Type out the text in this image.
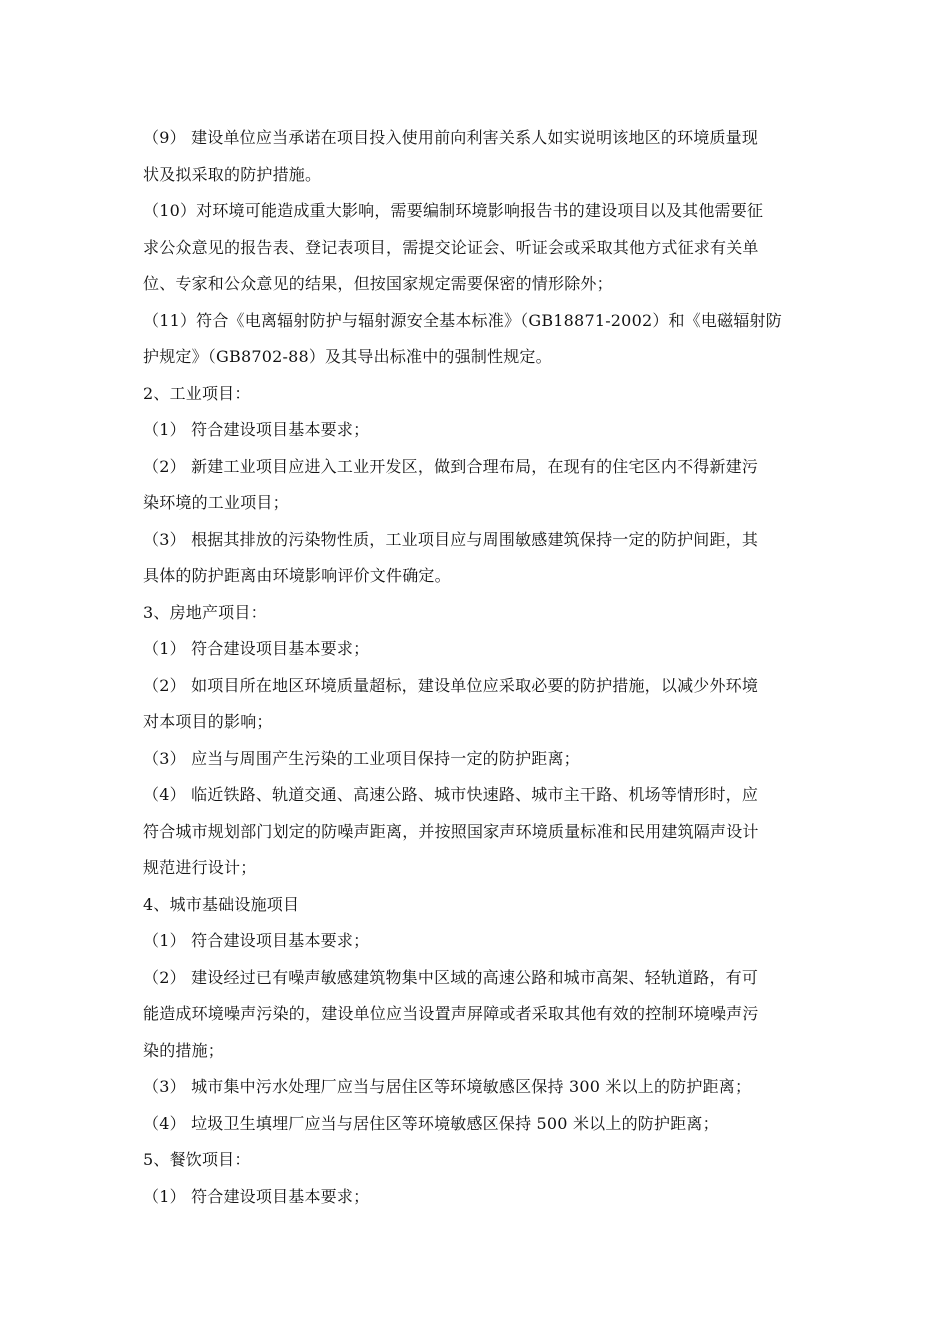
（9） 建设单位应当承诺在项目投入使用前向利害关系人如实说明该地区的环境质量现
状及拟采取的防护措施。
（10）对环境可能造成重大影响，需要编制环境影响报告书的建设项目以及其他需要征
求公众意见的报告表、登记表项目，需提交论证会、听证会或采取其他方式征求有关单
位、专家和公众意见的结果，但按国家规定需要保密的情形除外；
（11）符合《电离辐射防护与辐射源安全基本标准》（GB18871-2002）和《电磁辐射防
护规定》（GB8702-88）及其导出标准中的强制性规定。
2、工业项目：
（1） 符合建设项目基本要求；
（2） 新建工业项目应进入工业开发区，做到合理布局，在现有的住宅区内不得新建污
染环境的工业项目；
（3） 根据其排放的污染物性质，工业项目应与周围敏感建筑保持一定的防护间距，其
具体的防护距离由环境影响评价文件确定。
3、房地产项目：
（1） 符合建设项目基本要求；
（2） 如项目所在地区环境质量超标，建设单位应采取必要的防护措施，以减少外环境
对本项目的影响；
（3） 应当与周围产生污染的工业项目保持一定的防护距离；
（4） 临近铁路、轨道交通、高速公路、城市快速路、城市主干路、机场等情形时，应
符合城市规划部门划定的防噪声距离，并按照国家声环境质量标准和民用建筑隔声设计
规范进行设计；
4、城市基础设施项目
（1） 符合建设项目基本要求；
（2） 建设经过已有噪声敏感建筑物集中区域的高速公路和城市高架、轻轨道路，有可
能造成环境噪声污染的，建设单位应当设置声屏障或者采取其他有效的控制环境噪声污
染的措施；
（3） 城市集中污水处理厂应当与居住区等环境敏感区保持 300 米以上的防护距离；
（4） 垃圾卫生填埋厂应当与居住区等环境敏感区保持 500 米以上的防护距离；
5、餐饮项目：
（1） 符合建设项目基本要求；
